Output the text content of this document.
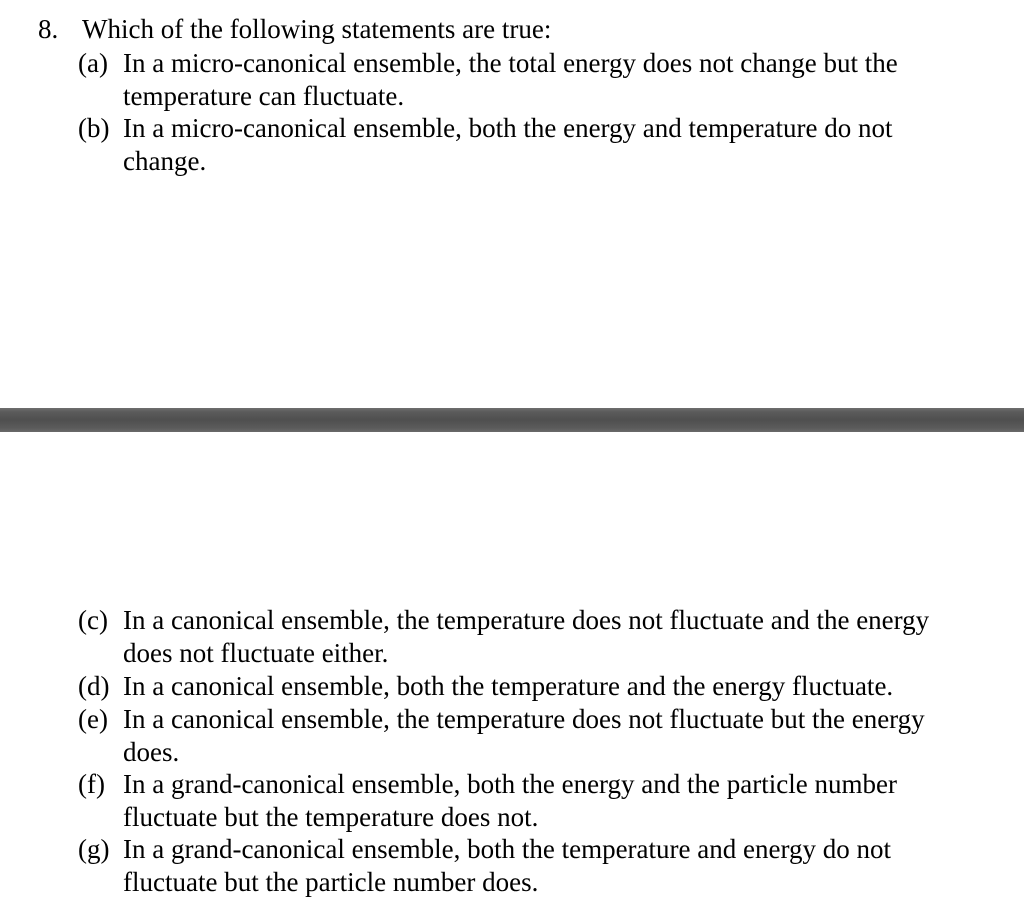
8. Which of the following statements are true:
(a) In a micro-canonical ensemble, the total energy does not change but the temperature can fluctuate.
(b) In a micro-canonical ensemble, both the energy and temperature do not change.
(c) In a canonical ensemble, the temperature does not fluctuate and the energy does not fluctuate either.
(d) In a canonical ensemble, both the temperature and the energy fluctuate.
(e) In a canonical ensemble, the temperature does not fluctuate but the energy does.
(f) In a grand-canonical ensemble, both the energy and the particle number fluctuate but the temperature does not.
(g) In a grand-canonical ensemble, both the temperature and energy do not fluctuate but the particle number does.
